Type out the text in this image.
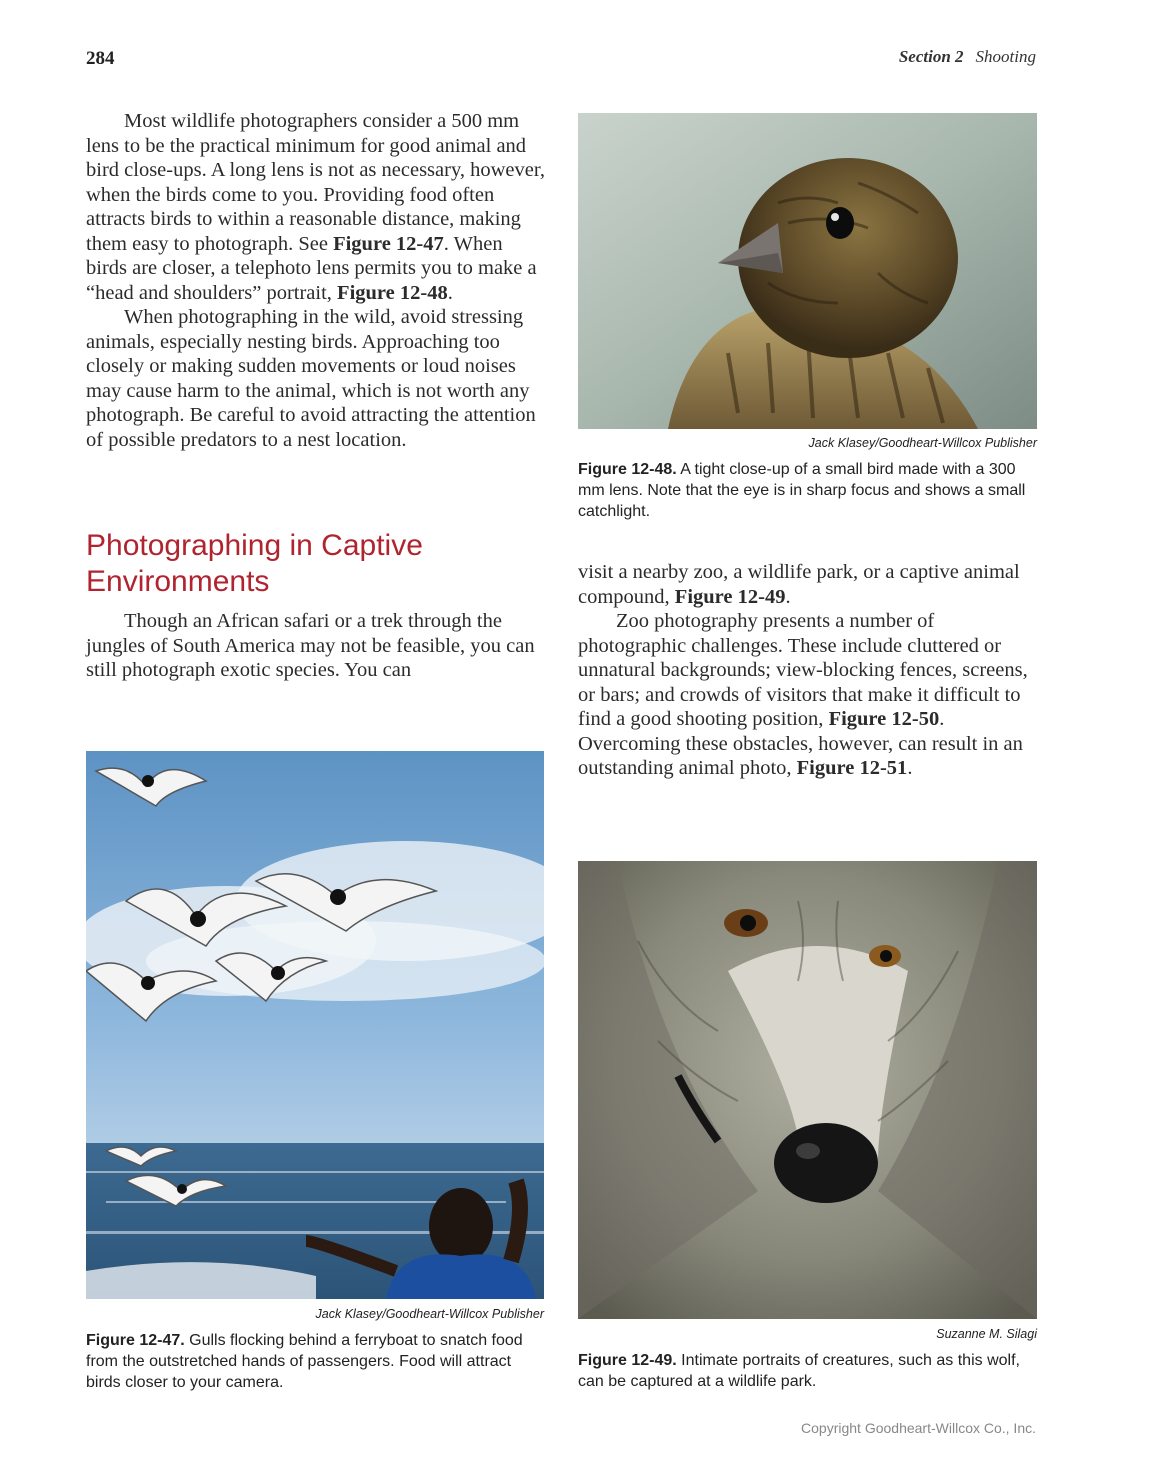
284	Section 2 Shooting

Most wildlife photographers consider a 500 mm lens to be the practical minimum for good animal and bird close-ups. A long lens is not as necessary, however, when the birds come to you. Providing food often attracts birds to within a reasonable distance, making them easy to photograph. See Figure 12-47. When birds are closer, a telephoto lens permits you to make a “head and shoulders” portrait, Figure 12-48.

When photographing in the wild, avoid stressing animals, especially nesting birds. Approaching too closely or making sudden movements or loud noises may cause harm to the animal, which is not worth any photograph. Be careful to avoid attracting the attention of possible predators to a nest location.

Photographing in Captive
Environments

Though an African safari or a trek through the jungles of South America may not be feasible, you can still photograph exotic species. You can

visit a nearby zoo, a wildlife park, or a captive animal compound, Figure 12-49.

Zoo photography presents a number of photographic challenges. These include cluttered or unnatural backgrounds; view-blocking fences, screens, or bars; and crowds of visitors that make it difficult to find a good shooting position, Figure 12-50. Overcoming these obstacles, however, can result in an outstanding animal photo, Figure 12-51.

Jack Klasey/Goodheart-Willcox Publisher

Figure 12-48. A tight close-up of a small bird made with a 300 mm lens. Note that the eye is in sharp focus and shows a small catchlight.

Jack Klasey/Goodheart-Willcox Publisher

Figure 12-47. Gulls flocking behind a ferryboat to snatch food from the outstretched hands of passengers. Food will attract birds closer to your camera.

Suzanne M. Silagi

Figure 12-49. Intimate portraits of creatures, such as this wolf, can be captured at a wildlife park.

Copyright Goodheart-Willcox Co., Inc.
